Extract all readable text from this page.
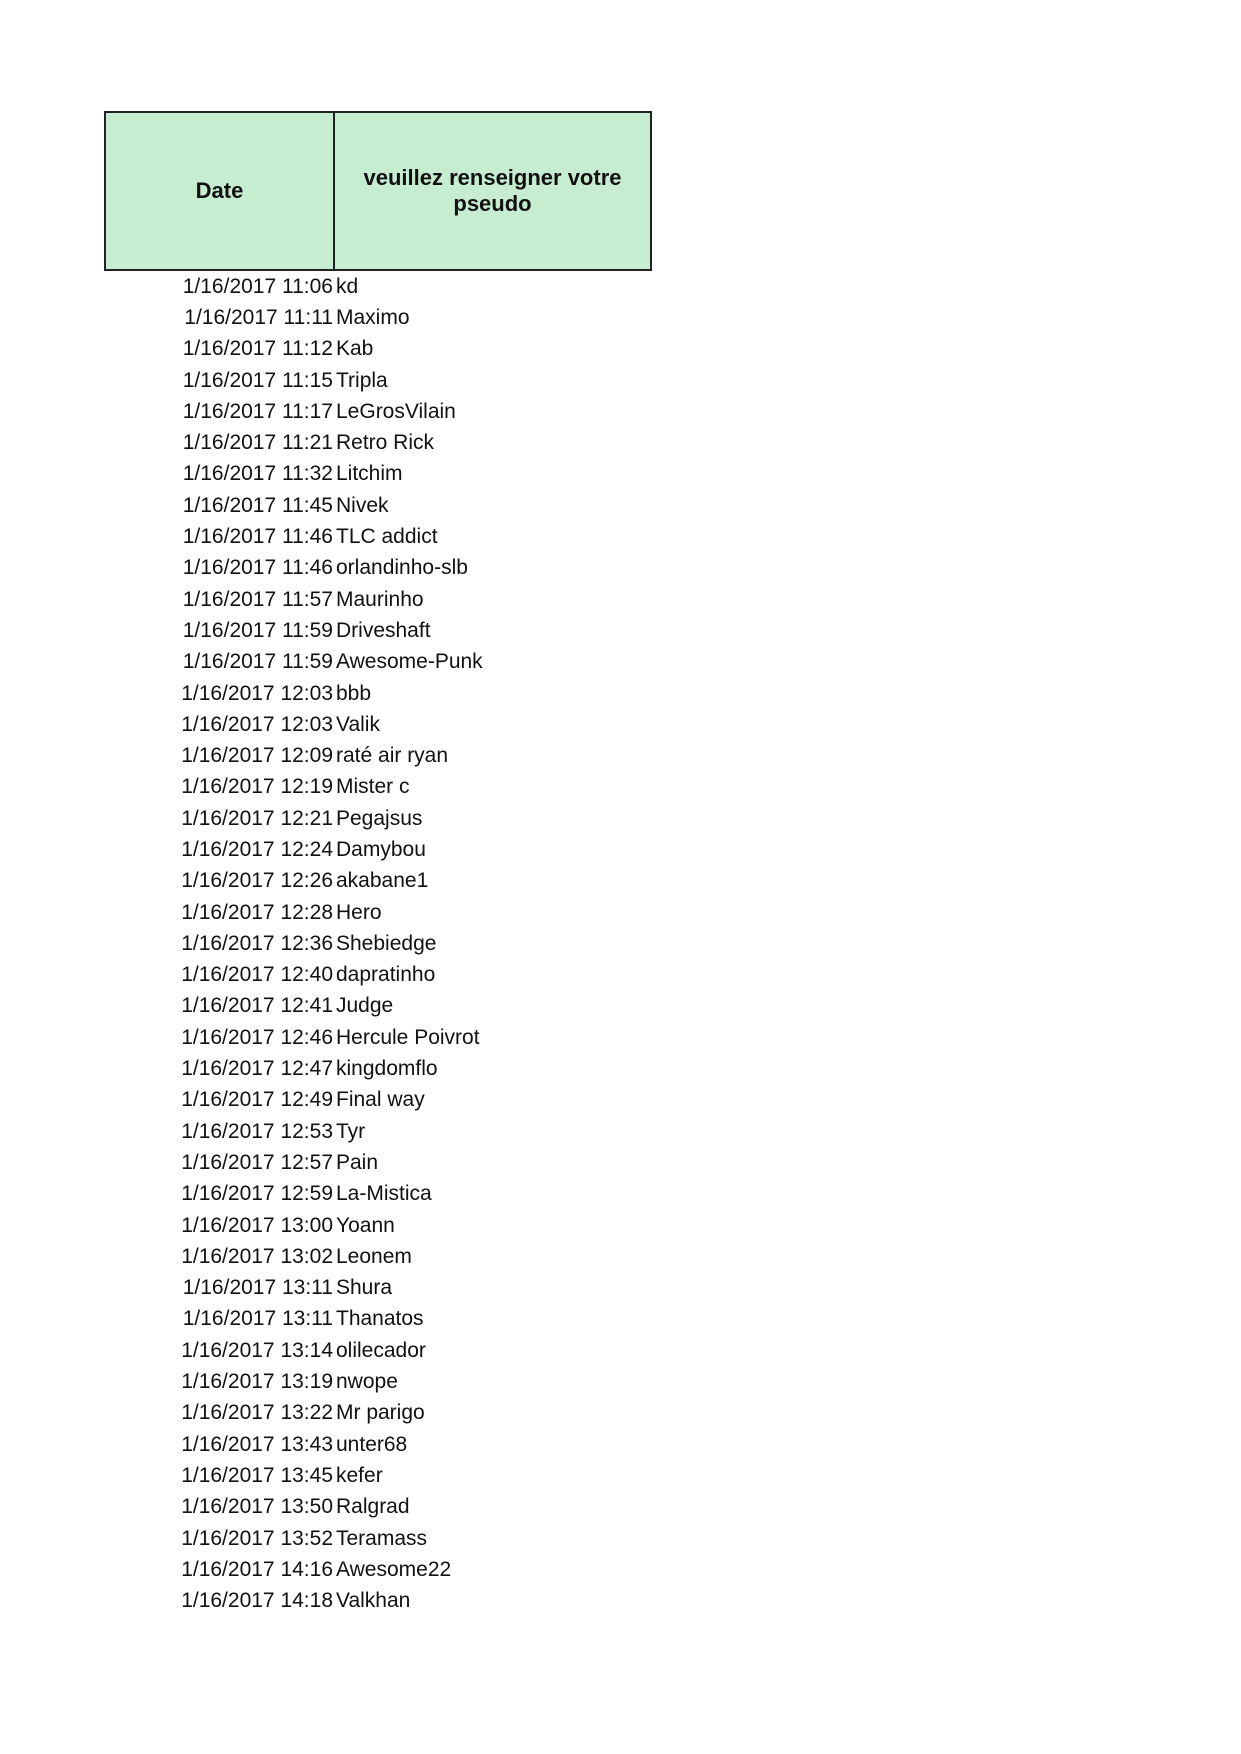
Date
veuillez renseigner votre pseudo
1/16/2017 11:06 kd
1/16/2017 11:11 Maximo
1/16/2017 11:12 Kab
1/16/2017 11:15 Tripla
1/16/2017 11:17 LeGrosVilain
1/16/2017 11:21 Retro Rick
1/16/2017 11:32 Litchim
1/16/2017 11:45 Nivek
1/16/2017 11:46 TLC addict
1/16/2017 11:46 orlandinho-slb
1/16/2017 11:57 Maurinho
1/16/2017 11:59 Driveshaft
1/16/2017 11:59 Awesome-Punk
1/16/2017 12:03 bbb
1/16/2017 12:03 Valik
1/16/2017 12:09 raté air ryan
1/16/2017 12:19 Mister c
1/16/2017 12:21 Pegajsus
1/16/2017 12:24 Damybou
1/16/2017 12:26 akabane1
1/16/2017 12:28 Hero
1/16/2017 12:36 Shebiedge
1/16/2017 12:40 dapratinho
1/16/2017 12:41 Judge
1/16/2017 12:46 Hercule Poivrot
1/16/2017 12:47 kingdomflo
1/16/2017 12:49 Final way
1/16/2017 12:53 Tyr
1/16/2017 12:57 Pain
1/16/2017 12:59 La-Mistica
1/16/2017 13:00 Yoann
1/16/2017 13:02 Leonem
1/16/2017 13:11 Shura
1/16/2017 13:11 Thanatos
1/16/2017 13:14 olilecador
1/16/2017 13:19 nwope
1/16/2017 13:22 Mr parigo
1/16/2017 13:43 unter68
1/16/2017 13:45 kefer
1/16/2017 13:50 Ralgrad
1/16/2017 13:52 Teramass
1/16/2017 14:16 Awesome22
1/16/2017 14:18 Valkhan
